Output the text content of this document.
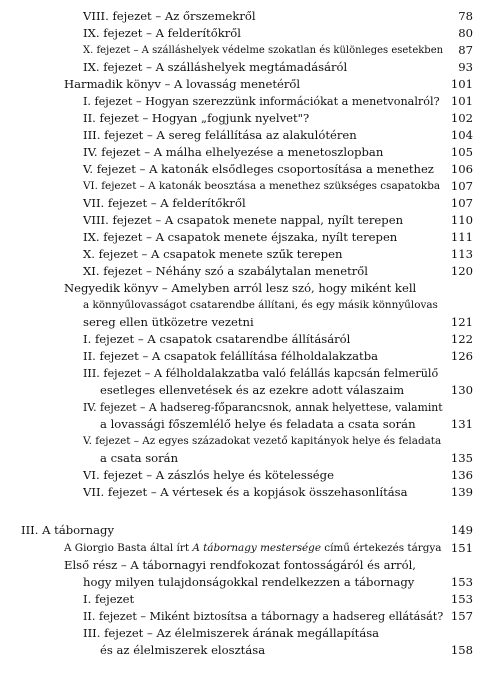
VIII. fejezet – Az őrszemekről	78
IX. fejezet – A felderítőkről	80
X. fejezet – A szálláshelyek védelme szokatlan és különleges esetekben 87
IX. fejezet – A szálláshelyek megtámadásáról	93
Harmadik könyv – A lovasság menetéről	101
I. fejezet – Hogyan szerezzünk információkat a menetvonalról? 101
II. fejezet – Hogyan „fogjunk nyelvet"?	102
III. fejezet – A sereg felállítása az alakulótéren	104
IV. fejezet – A málha elhelyezése a menetoszlopban	105
V. fejezet – A katonák elsődleges csoportosítása a menethez 106
VI. fejezet – A katonák beosztása a menethez szükséges csapatokba 107
VII. fejezet – A felderítőkről	107
VIII. fejezet – A csapatok menete nappal, nyílt terepen	110
IX. fejezet – A csapatok menete éjszaka, nyílt terepen	111
X. fejezet – A csapatok menete szűk terepen	113
XI. fejezet – Néhány szó a szabálytalan menetről	120
Negyedik könyv – Amelyben arról lesz szó, hogy miként kell
a könnyűlovasságot csatarendbe állítani, és egy másik könnyűlovas
sereg ellen ütközetre vezetni	121
I. fejezet – A csapatok csatarendbe állításáról	122
II. fejezet – A csapatok felállítása félholdalakzatba	126
III. fejezet – A félholdalakzatba való felállás kapcsán felmerülő
esetleges ellenvetések és az ezekre adott válaszaim	130
IV. fejezet – A hadsereg-főparancsnok, annak helyettese, valamint
a lovassági főszemlélő helye és feladata a csata során	131
V. fejezet – Az egyes századokat vezető kapitányok helye és feladata
a csata során	135
VI. fejezet – A zászlós helye és kötelessége	136
VII. fejezet – A vértesek és a kopjások összehasonlítása	139
III. A tábornagy	149
A Giorgio Basta által írt A tábornagy mestersége című értekezés tárgya 151
Első rész – A tábornagyi rendfokozat fontosságáról és arról,
hogy milyen tulajdonságokkal rendelkezzen a tábornagy	153
I. fejezet	153
II. fejezet – Miként biztosítsa a tábornagy a hadsereg ellátását? 157
III. fejezet – Az élelmiszerek árának megállapítása
és az élelmiszerek elosztása	158
